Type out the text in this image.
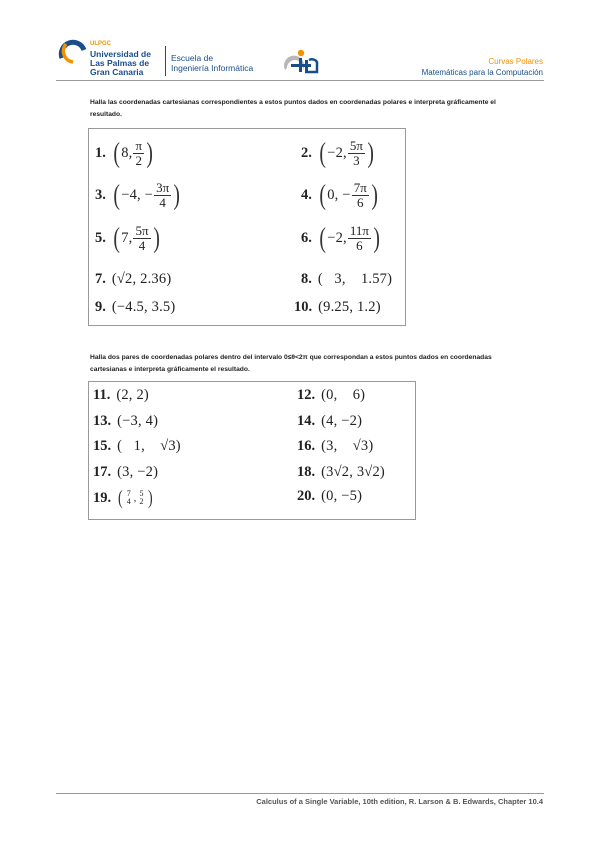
ULPGC
Universidad de
Las Palmas de
Gran Canaria
Escuela de
Ingeniería Informática
Curvas Polares
Matemáticas para la Computación
Halla las coordenadas cartesianas correspondientes a estos puntos dados en coordenadas polares e interpreta gráficamente el resultado.
1. ( 8, $\frac{\pi}{2}$ )	2. ( −2, $\frac{5\pi}{3}$ )
3. ( −4, − $\frac{3\pi}{4}$ )	4. ( 0, − $\frac{7\pi}{6}$ )
5. ( 7, $\frac{5\pi}{4}$ )	6. ( −2, $\frac{11\pi}{6}$ )
7. (√2, 2.36)	8. (   3,    1.57)
9. (−4.5, 3.5)	10. (9.25, 1.2)
Halla dos pares de coordenadas polares dentro del intervalo 0≤θ<2π que correspondan a estos puntos dados en coordenadas cartesianas e interpreta gráficamente el resultado.
11. (2, 2)	12. (0,    6)
13. (−3, 4)	14. (4, −2)
15. (   1,    √3)	16. (3,    √3)
17. (3, −2)	18. (3√2, 3√2)
19. ( 7
4 , 5
2 )	20. (0, −5)
Calculus of a Single Variable, 10th edition, R. Larson & B. Edwards, Chapter 10.4
